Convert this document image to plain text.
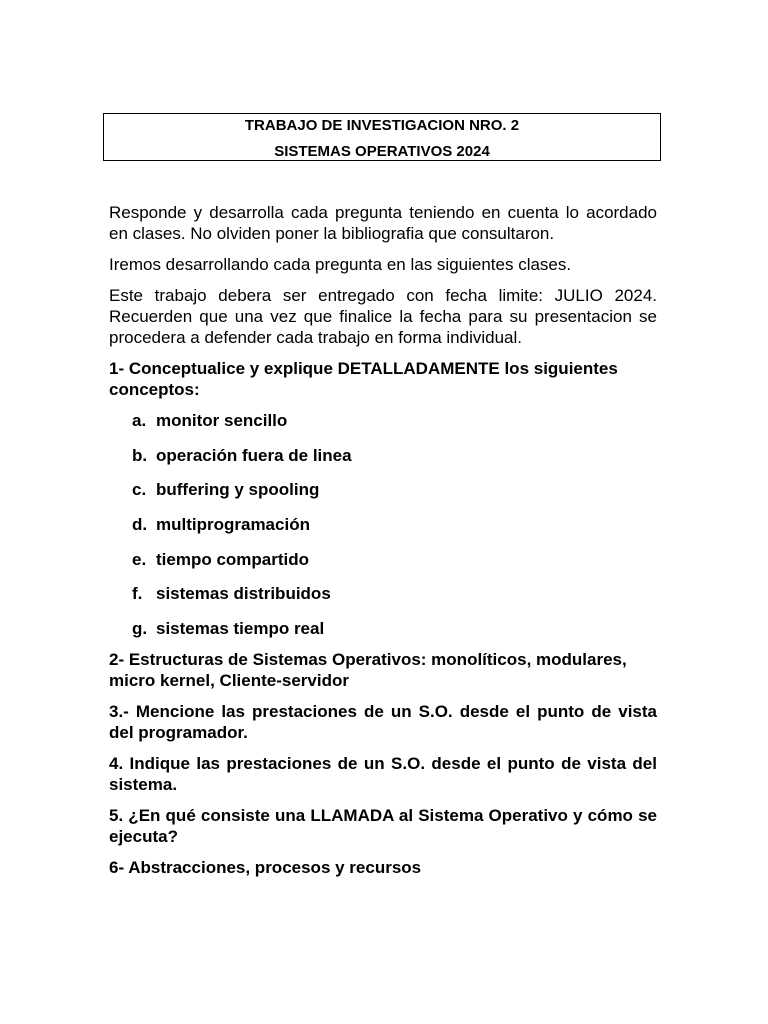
TRABAJO DE INVESTIGACION NRO. 2
SISTEMAS OPERATIVOS 2024

Responde y desarrolla cada pregunta teniendo en cuenta lo acordado en clases. No olviden poner la bibliografia que consultaron.

Iremos desarrollando cada pregunta en las siguientes clases.

Este trabajo debera ser entregado con fecha limite: JULIO 2024. Recuerden que una vez que finalice la fecha para su presentacion se procedera a defender cada trabajo en forma individual.

1- Conceptualice y explique DETALLADAMENTE los siguientes conceptos:

a. monitor sencillo
b. operación fuera de linea
c. buffering y spooling
d. multiprogramación
e. tiempo compartido
f. sistemas distribuidos
g. sistemas tiempo real

2- Estructuras de Sistemas Operativos: monolíticos, modulares, micro kernel, Cliente-servidor

3.- Mencione las prestaciones de un S.O. desde el punto de vista del programador.

4. Indique las prestaciones de un S.O. desde el punto de vista del sistema.

5. ¿En qué consiste una LLAMADA al Sistema Operativo y cómo se ejecuta?

6- Abstracciones, procesos y recursos
